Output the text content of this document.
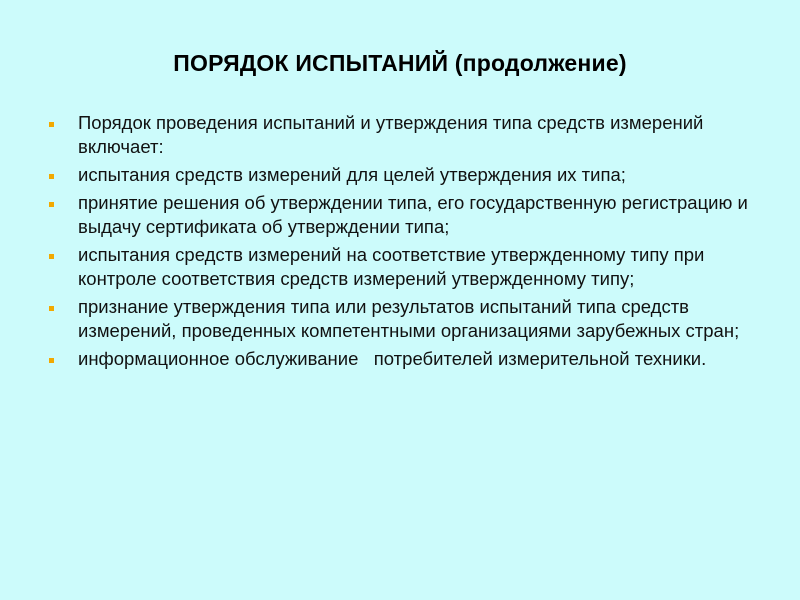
ПОРЯДОК ИСПЫТАНИЙ (продолжение)
Порядок проведения испытаний и утверждения типа средств измерений включает:
испытания средств измерений для целей утверждения их типа;
принятие решения об утверждении типа, его государственную регистрацию и выдачу сертификата об утверждении типа;
испытания средств измерений на соответствие утвержденному типу при контроле соответствия средств измерений утвержденному типу;
признание утверждения типа или результатов испытаний типа средств измерений, проведенных компетентными организациями зарубежных стран;
информационное обслуживание   потребителей измерительной техники.
